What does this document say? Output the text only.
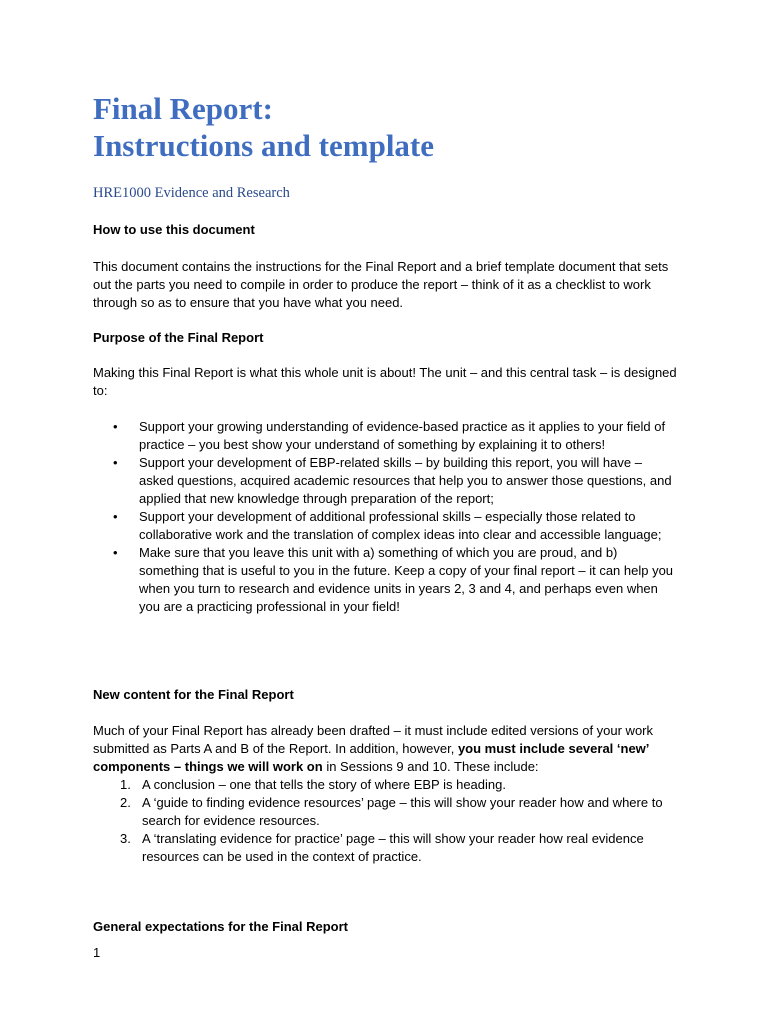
Final Report:
Instructions and template

HRE1000 Evidence and Research

How to use this document

This document contains the instructions for the Final Report and a brief template document that sets out the parts you need to compile in order to produce the report – think of it as a checklist to work through so as to ensure that you have what you need.

Purpose of the Final Report

Making this Final Report is what this whole unit is about! The unit – and this central task – is designed to:

• Support your growing understanding of evidence-based practice as it applies to your field of practice – you best show your understand of something by explaining it to others!
• Support your development of EBP-related skills – by building this report, you will have – asked questions, acquired academic resources that help you to answer those questions, and applied that new knowledge through preparation of the report;
• Support your development of additional professional skills – especially those related to collaborative work and the translation of complex ideas into clear and accessible language;
• Make sure that you leave this unit with a) something of which you are proud, and b) something that is useful to you in the future. Keep a copy of your final report – it can help you when you turn to research and evidence units in years 2, 3 and 4, and perhaps even when you are a practicing professional in your field!

New content for the Final Report

Much of your Final Report has already been drafted – it must include edited versions of your work submitted as Parts A and B of the Report. In addition, however, you must include several ‘new’ components – things we will work on in Sessions 9 and 10. These include:

1. A conclusion – one that tells the story of where EBP is heading.
2. A ‘guide to finding evidence resources’ page – this will show your reader how and where to search for evidence resources.
3. A ‘translating evidence for practice’ page – this will show your reader how real evidence resources can be used in the context of practice.

General expectations for the Final Report

1
